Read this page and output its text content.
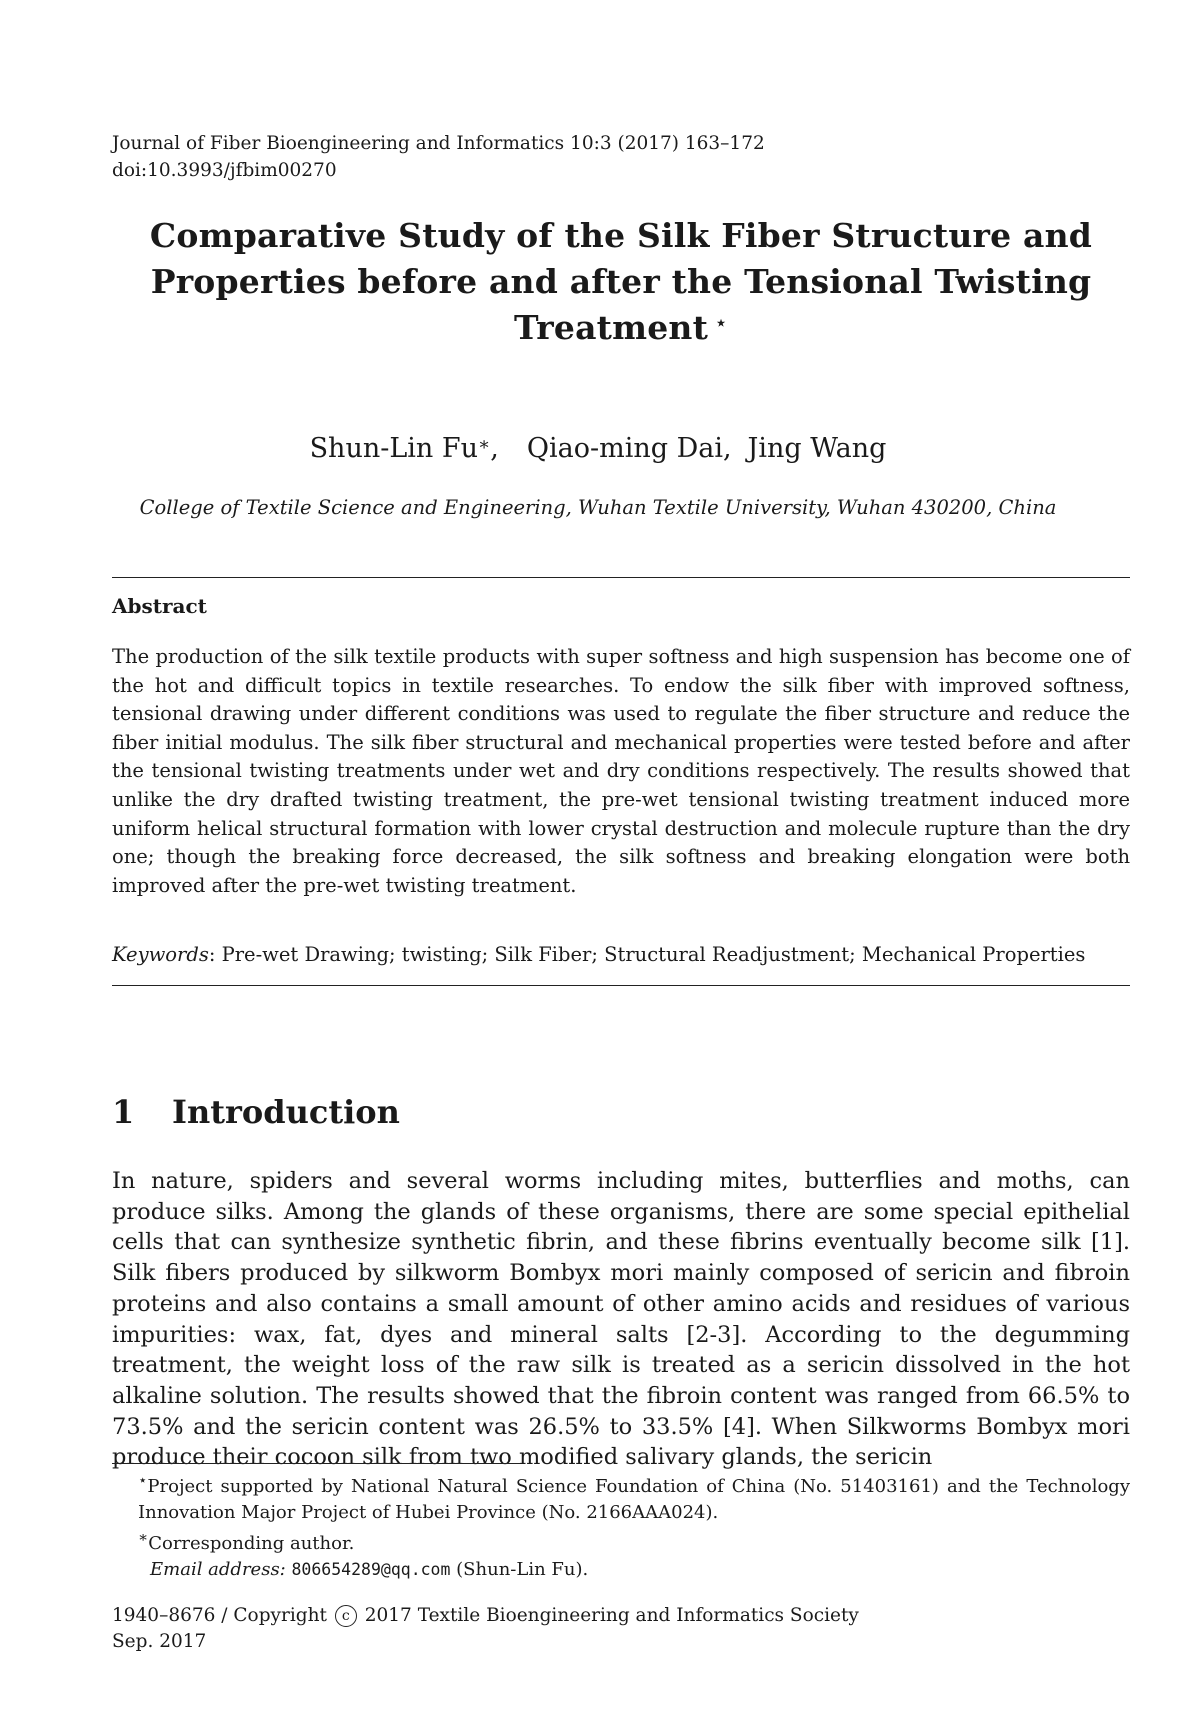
Journal of Fiber Bioengineering and Informatics 10:3 (2017) 163–172
doi:10.3993/jfbim00270
Comparative Study of the Silk Fiber Structure and
Properties before and after the Tensional Twisting
Treatment ⋆
Shun-Lin Fu∗, Qiao-ming Dai, Jing Wang
College of Textile Science and Engineering, Wuhan Textile University, Wuhan 430200, China
Abstract
The production of the silk textile products with super softness and high suspension has become one of the hot and difficult topics in textile researches. To endow the silk fiber with improved softness, tensional drawing under different conditions was used to regulate the fiber structure and reduce the fiber initial modulus. The silk fiber structural and mechanical properties were tested before and after the tensional twisting treatments under wet and dry conditions respectively. The results showed that unlike the dry drafted twisting treatment, the pre-wet tensional twisting treatment induced more uniform helical structural formation with lower crystal destruction and molecule rupture than the dry one; though the breaking force decreased, the silk softness and breaking elongation were both improved after the pre-wet twisting treatment.
Keywords: Pre-wet Drawing; twisting; Silk Fiber; Structural Readjustment; Mechanical Properties
1 Introduction
In nature, spiders and several worms including mites, butterflies and moths, can produce silks. Among the glands of these organisms, there are some special epithelial cells that can synthesize synthetic fibrin, and these fibrins eventually become silk [1]. Silk fibers produced by silkworm Bombyx mori mainly composed of sericin and fibroin proteins and also contains a small amount of other amino acids and residues of various impurities: wax, fat, dyes and mineral salts [2-3]. According to the degumming treatment, the weight loss of the raw silk is treated as a sericin dissolved in the hot alkaline solution. The results showed that the fibroin content was ranged from 66.5% to 73.5% and the sericin content was 26.5% to 33.5% [4]. When Silkworms Bombyx mori produce their cocoon silk from two modified salivary glands, the sericin
⋆Project supported by National Natural Science Foundation of China (No. 51403161) and the Technology Innovation Major Project of Hubei Province (No. 2166AAA024).
∗Corresponding author.
Email address: 806654289@qq.com (Shun-Lin Fu).
1940–8676 / Copyright c 2017 Textile Bioengineering and Informatics Society
Sep. 2017
